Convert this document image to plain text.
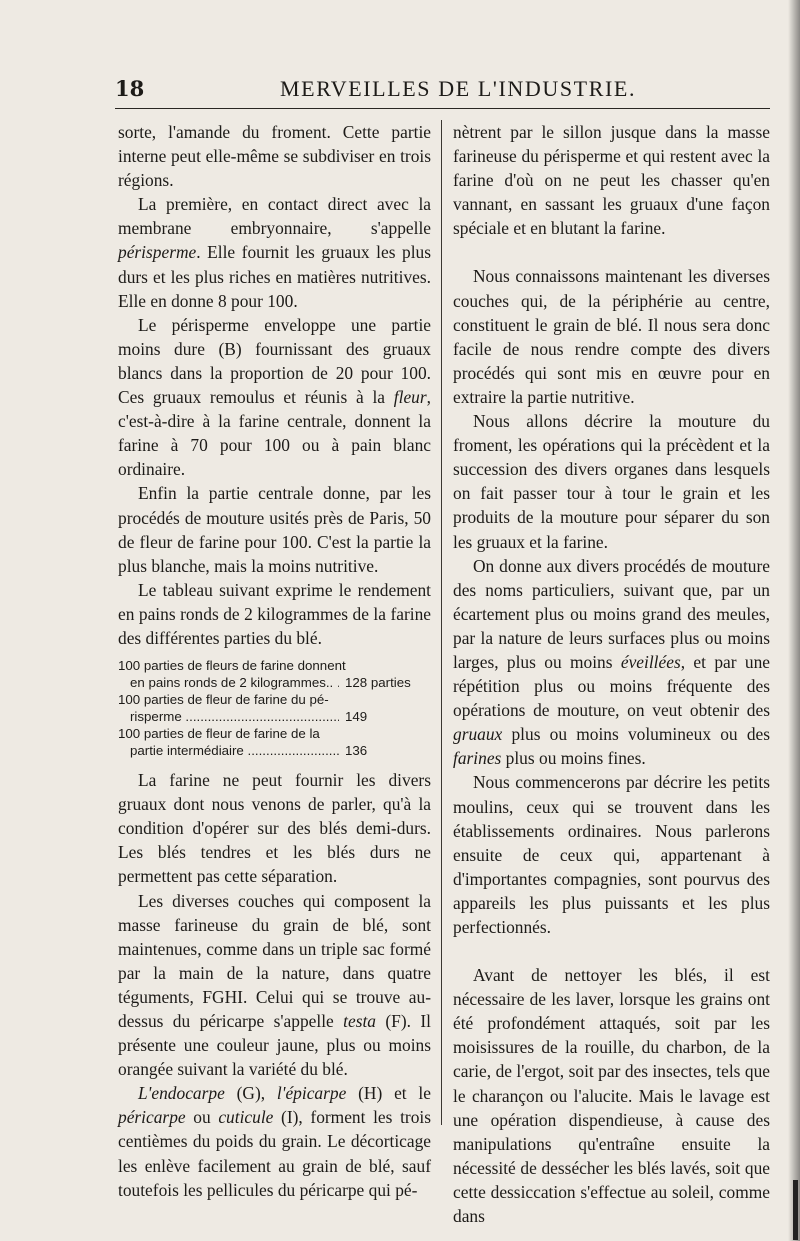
18	MERVEILLES DE L'INDUSTRIE.

sorte, l'amande du froment. Cette partie interne peut elle-même se subdiviser en trois régions.

La première, en contact direct avec la membrane embryonnaire, s'appelle périsperme. Elle fournit les gruaux les plus durs et les plus riches en matières nutritives. Elle en donne 8 pour 100.

Le périsperme enveloppe une partie moins dure (B) fournissant des gruaux blancs dans la proportion de 20 pour 100. Ces gruaux remoulus et réunis à la fleur, c'est-à-dire à la farine centrale, donnent la farine à 70 pour 100 ou à pain blanc ordinaire.

Enfin la partie centrale donne, par les procédés de mouture usités près de Paris, 50 de fleur de farine pour 100. C'est la partie la plus blanche, mais la moins nutritive.

Le tableau suivant exprime le rendement en pains ronds de 2 kilogrammes de la farine des différentes parties du blé.

100 parties de fleurs de farine donnent
en pains ronds de 2 kilogrammes.. ..... 128 parties
100 parties de fleur de farine du pé-
risperme .....	149
100 parties de fleur de farine de la
partie intermédiaire .....	136

La farine ne peut fournir les divers gruaux dont nous venons de parler, qu'à la condition d'opérer sur des blés demi-durs. Les blés tendres et les blés durs ne permettent pas cette séparation.

Les diverses couches qui composent la masse farineuse du grain de blé, sont maintenues, comme dans un triple sac formé par la main de la nature, dans quatre téguments, FGHI. Celui qui se trouve au-dessus du péricarpe s'appelle testa (F). Il présente une couleur jaune, plus ou moins orangée suivant la variété du blé.

L'endocarpe (G), l'épicarpe (H) et le péricarpe ou cuticule (I), forment les trois centièmes du poids du grain. Le décorticage les enlève facilement au grain de blé, sauf toutefois les pellicules du péricarpe qui pé-

nètrent par le sillon jusque dans la masse farineuse du périsperme et qui restent avec la farine d'où on ne peut les chasser qu'en vannant, en sassant les gruaux d'une façon spéciale et en blutant la farine.

Nous connaissons maintenant les diverses couches qui, de la périphérie au centre, constituent le grain de blé. Il nous sera donc facile de nous rendre compte des divers procédés qui sont mis en œuvre pour en extraire la partie nutritive.

Nous allons décrire la mouture du froment, les opérations qui la précèdent et la succession des divers organes dans lesquels on fait passer tour à tour le grain et les produits de la mouture pour séparer du son les gruaux et la farine.

On donne aux divers procédés de mouture des noms particuliers, suivant que, par un écartement plus ou moins grand des meules, par la nature de leurs surfaces plus ou moins larges, plus ou moins éveillées, et par une répétition plus ou moins fréquente des opérations de mouture, on veut obtenir des gruaux plus ou moins volumineux ou des farines plus ou moins fines.

Nous commencerons par décrire les petits moulins, ceux qui se trouvent dans les établissements ordinaires. Nous parlerons ensuite de ceux qui, appartenant à d'importantes compagnies, sont pourvus des appareils les plus puissants et les plus perfectionnés.

Avant de nettoyer les blés, il est nécessaire de les laver, lorsque les grains ont été profondément attaqués, soit par les moisissures de la rouille, du charbon, de la carie, de l'ergot, soit par des insectes, tels que le charançon ou l'alucite. Mais le lavage est une opération dispendieuse, à cause des manipulations qu'entraîne ensuite la nécessité de dessécher les blés lavés, soit que cette dessiccation s'effectue au soleil, comme dans
